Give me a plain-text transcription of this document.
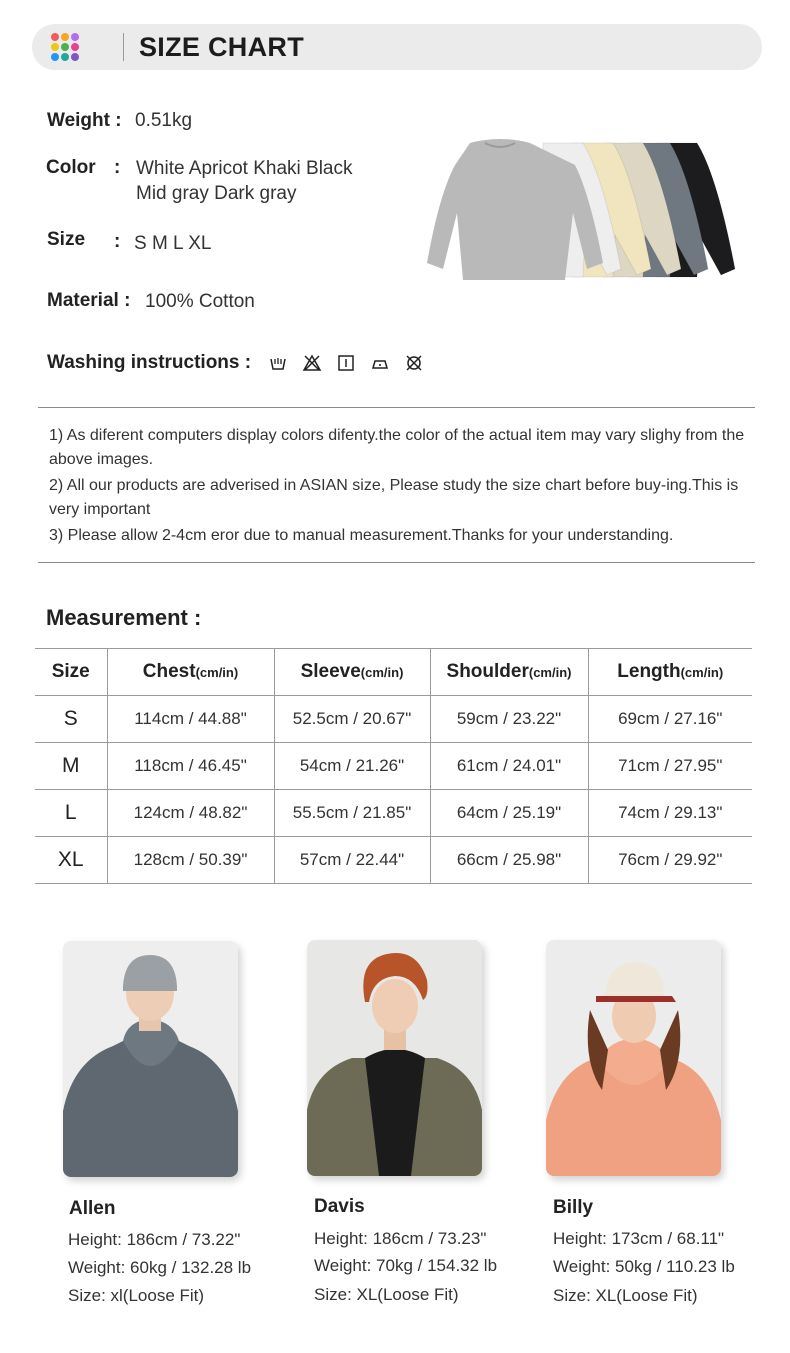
SIZE CHART
Weight : 0.51kg
Color : White Apricot Khaki Black
Mid gray Dark gray
Size : S M L XL
Material : 100% Cotton
Washing instructions :

1) As diferent computers display colors difenty.the color of the actual item may vary slighy from the above images.

2) All our products are adverised in ASIAN size, Please study the size chart before buy-ing.This is very important

3) Please allow 2-4cm eror due to manual measurement.Thanks for your understanding.

Measurement :
Size	Chest(cm/in)	Sleeve(cm/in)	Shoulder(cm/in)	Length(cm/in)
S	114cm / 44.88"	52.5cm / 20.67"	59cm / 23.22"	69cm / 27.16"
M	118cm / 46.45"	54cm / 21.26"	61cm / 24.01"	71cm / 27.95"
L	124cm / 48.82"	55.5cm / 21.85"	64cm / 25.19"	74cm / 29.13"
XL	128cm / 50.39"	57cm / 22.44"	66cm / 25.98"	76cm / 29.92"
Allen
Height: 186cm / 73.22"
Weight: 60kg / 132.28 lb
Size: xl(Loose Fit)
Davis
Height: 186cm / 73.23"
Weight: 70kg / 154.32 lb
Size: XL(Loose Fit)
Billy
Height: 173cm / 68.11"
Weight: 50kg / 110.23 lb
Size: XL(Loose Fit)
